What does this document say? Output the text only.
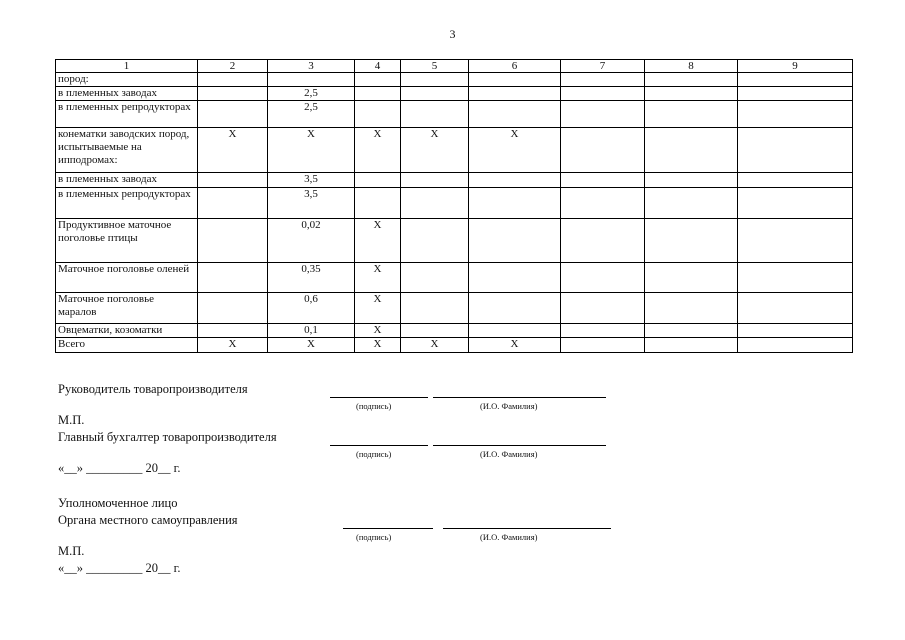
3
1	2	3	4	5	6	7	8	9
пород:								
в племенных заводах		2,5						
в племенных репродукторах		2,5						
конематки заводских пород, испытываемые на ипподромах:	X	X	X	X	X			
в племенных заводах		3,5						
в племенных репродукторах		3,5						
Продуктивное маточное поголовье птицы		0,02	X					
Маточное поголовье оленей		0,35	X					
Маточное поголовье маралов		0,6	X					
Овцематки, козоматки		0,1	X					
Всего	X	X	X	X	X			
Руководитель товаропроизводителя
(подпись)	(И.О. Фамилия)
М.П.
Главный бухгалтер товаропроизводителя
(подпись)	(И.О. Фамилия)
«__» _________ 20__ г.
Уполномоченное лицо
Органа местного самоуправления
(подпись)	(И.О. Фамилия)
М.П.
«__» _________ 20__ г.
